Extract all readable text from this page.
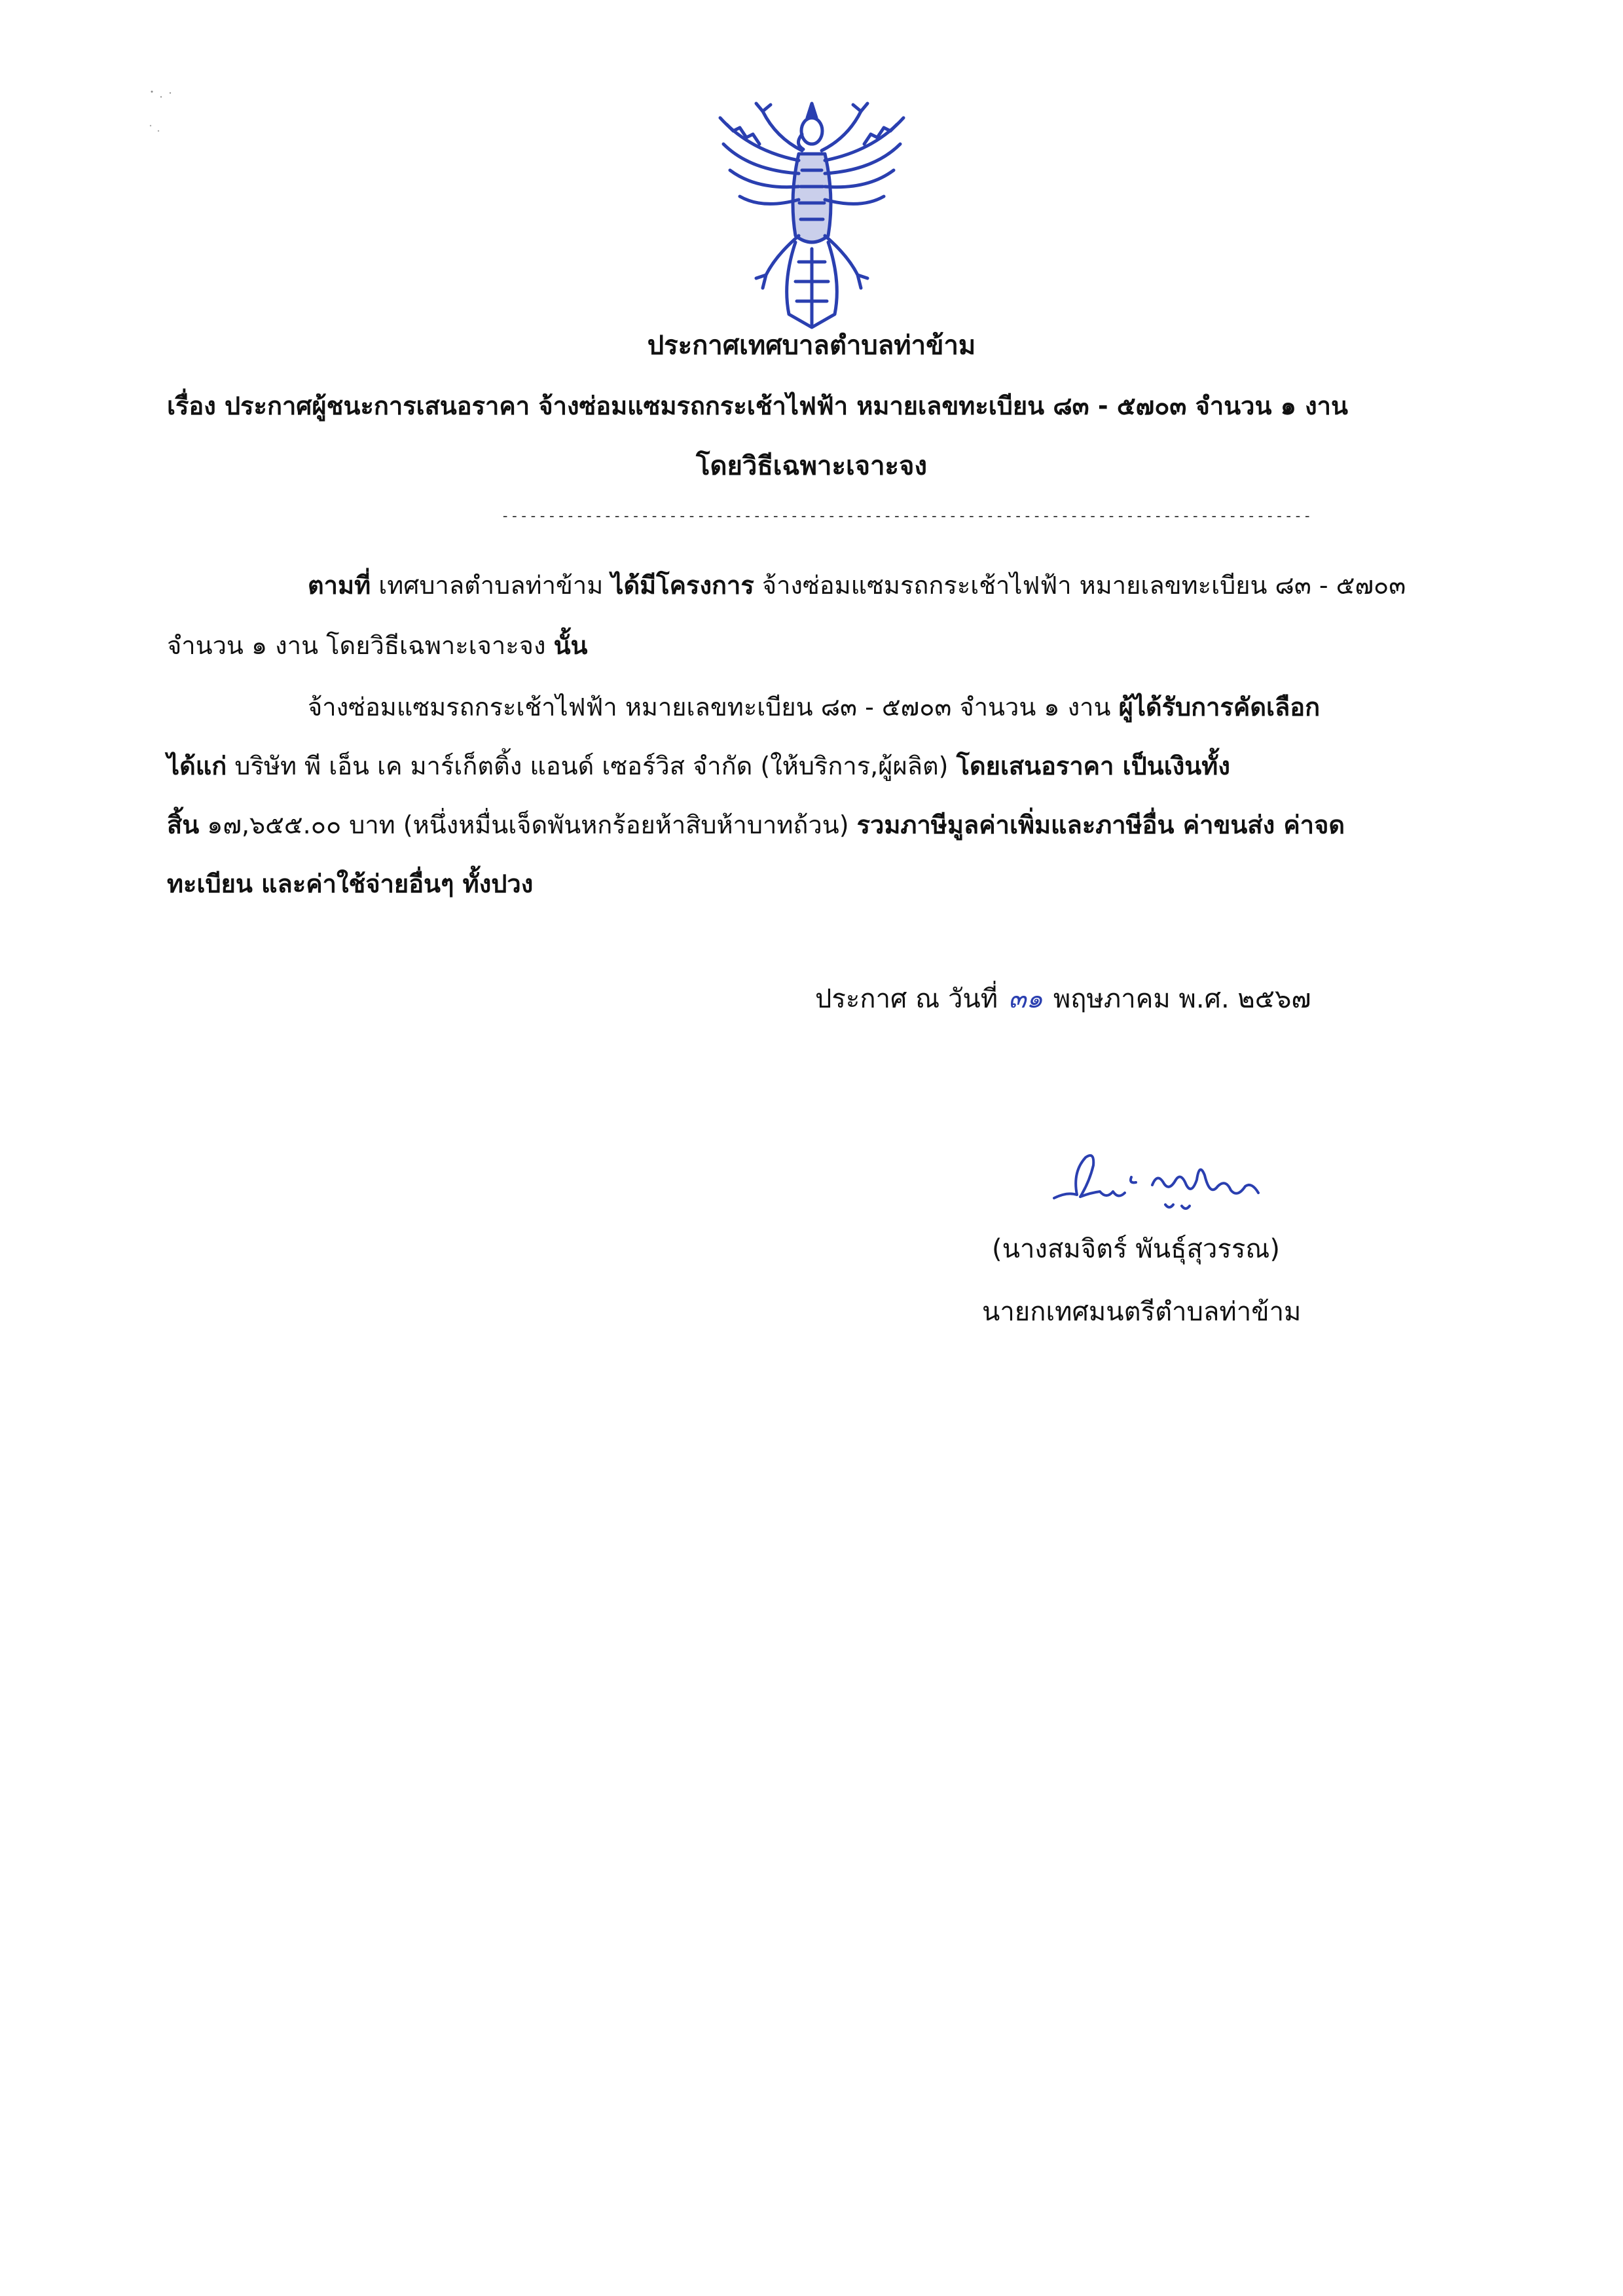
ประกาศเทศบาลตำบลท่าข้าม
เรื่อง ประกาศผู้ชนะการเสนอราคา จ้างซ่อมแซมรถกระเช้าไฟฟ้า หมายเลขทะเบียน ๘๓ - ๕๗๐๓ จำนวน ๑ งาน
โดยวิธีเฉพาะเจาะจง
---------------------------------------------------------------------------------------
ตามที่ เทศบาลตำบลท่าข้าม ได้มีโครงการ จ้างซ่อมแซมรถกระเช้าไฟฟ้า หมายเลขทะเบียน ๘๓ - ๕๗๐๓
จำนวน ๑ งาน โดยวิธีเฉพาะเจาะจง นั้น
จ้างซ่อมแซมรถกระเช้าไฟฟ้า หมายเลขทะเบียน ๘๓ - ๕๗๐๓ จำนวน ๑ งาน ผู้ได้รับการคัดเลือก
ได้แก่ บริษัท พี เอ็น เค มาร์เก็ตติ้ง แอนด์ เซอร์วิส จำกัด (ให้บริการ,ผู้ผลิต) โดยเสนอราคา เป็นเงินทั้ง
สิ้น ๑๗,๖๕๕.๐๐ บาท (หนึ่งหมื่นเจ็ดพันหกร้อยห้าสิบห้าบาทถ้วน) รวมภาษีมูลค่าเพิ่มและภาษีอื่น ค่าขนส่ง ค่าจด
ทะเบียน และค่าใช้จ่ายอื่นๆ ทั้งปวง
ประกาศ ณ วันที่ ๓๑ พฤษภาคม พ.ศ. ๒๕๖๗
(นางสมจิตร์ พันธุ์สุวรรณ)
นายกเทศมนตรีตำบลท่าข้าม
